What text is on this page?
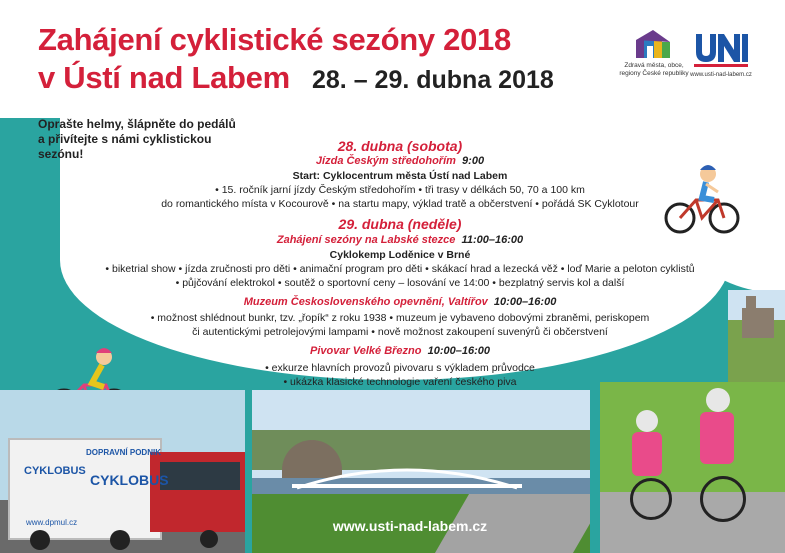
Zahájení cyklistické sezóny 2018
v Ústí nad Labem 28. – 29. dubna 2018
Zdravá města, obce, regiony České republiky www.usti-nad-labem.cz
Oprašte helmy, šlápněte do pedálů a přivítejte s námi cyklistickou sezónu!	28. dubna (sobota)
Jízda Českým středohořím 9:00
Start: Cyklocentrum města Ústí nad Labem
• 15. ročník jarní jízdy Českým středohořím • tři trasy v délkách 50, 70 a 100 km
do romantického místa v Kocourově • na startu mapy, výklad tratě a občerstvení • pořádá SK Cyklotour
29. dubna (neděle)
Zahájení sezóny na Labské stezce 11:00–16:00
Cyklokemp Loděnice v Brné
• biketrial show • jízda zručnosti pro děti • animační program pro děti • skákací hrad a lezecká věž • loď Marie a peloton cyklistů
• půjčování elektrokol • soutěž o sportovní ceny – losování ve 14:00 • bezplatný servis kol a další
Muzeum Československého opevnění, Valtířov 10:00–16:00
• možnost shlédnout bunkr, tzv. „řopík“ z roku 1938 • muzeum je vybaveno dobovými zbraněmi, periskopem
či autentickými petrolejovými lampami • nově možnost zakoupení suvenýrů či občerstvení
Pivovar Velké Březno 10:00–16:00
• exkurze hlavních provozů pivovaru s výkladem průvodce
• ukázka klasické technologie vaření českého piva
DOPRAVNÍ PODNIK
CYKLOBUS
CYKLOBUS
www.dpmul.cz	www.usti-nad-labem.cz
